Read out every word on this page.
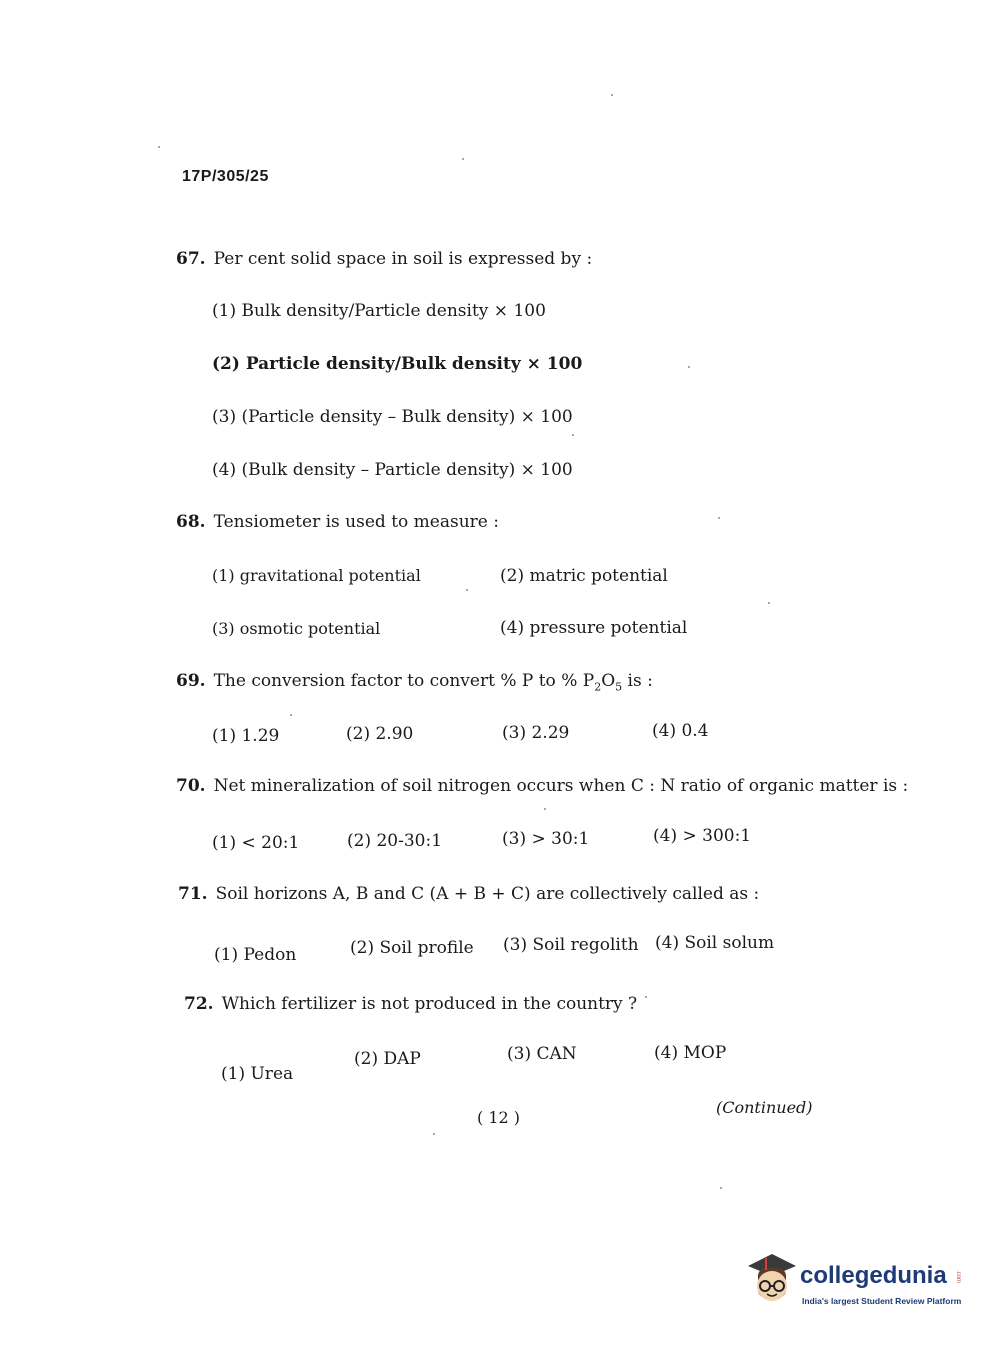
17P/305/25
67. Per cent solid space in soil is expressed by :
(1) Bulk density/Particle density × 100
(2) Particle density/Bulk density × 100
(3) (Particle density – Bulk density) × 100
(4) (Bulk density – Particle density) × 100
68. Tensiometer is used to measure :
(1) gravitational potential	(2) matric potential
(3) osmotic potential	(4) pressure potential
69. The conversion factor to convert % P to % $P_2O_5$ is :
(1) 1.29	(2) 2.90	(3) 2.29	(4) 0.4
70. Net mineralization of soil nitrogen occurs when C : N ratio of organic matter is :
(1) < 20:1	(2) 20-30:1	(3) > 30:1	(4) > 300:1
71. Soil horizons A, B and C (A + B + C) are collectively called as :
(1) Pedon	(2) Soil profile (3) Soil regolith (4) Soil solum
72. Which fertilizer is not produced in the country ?
(1) Urea
(2) DAP	(3) CAN	(4) MOP
( 12 )
(Continued)
collegedunia .com
India's largest Student Review Platform
